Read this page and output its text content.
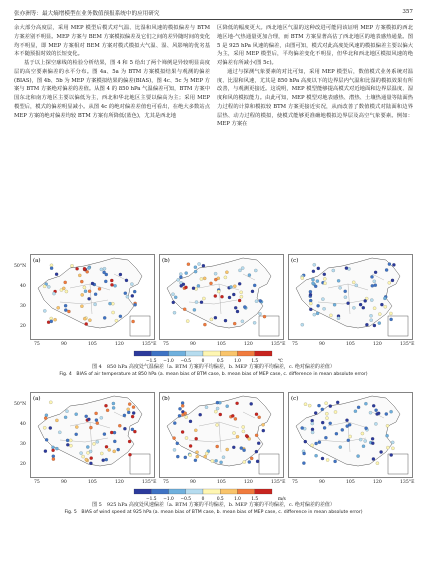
张亦洲等：最大熵增模型在业务数值预报系统中的应用研究	357

余大部分高度层，采用 MEP 模型后模式对气温、比湿和风速的模拟偏差与 BTM 方案差别不明显。MEP 方案与 BEM 方案模拟偏差及它们之间的差异随时间的变化均不明显，即 MEP 方案相对 BEM 方案对模式模拟大气温、湿、风影响的优劣基本不随预报时效的长短变化。

基于以上探空廓线的检验分析结果，图 4 和 5 给出了两个筛例是异较明显高度层的高空要素偏差的水平分布。图 4a、5a 为 BTM 方案模拟结果与观测的偏差(BIAS)，图 4b、5b 为 MEP 方案模拟结果的偏差(BIAS)，图 4c、5c 为 MEP 方案与 BTM 方案绝对偏差的差值。从图 4 的 850 hPa 气温偏差可知，BTM 方案中国东北和南方地区主要以偏低为主，西北和华北地区主要以偏高为主；采用 MEP 模型后，模式的偏差明显减小。从图 4c 的绝对偏差差值也可看出，在绝大多数站点 MEP 方案的绝对偏差均较 BTM 方案有所降低(蓝色)，尤其是西北地

区降低的幅度更大。西北地区气温的这种改进可能同该证明 MEP 方案模拟的西北地区地-气热通量更加合理，而 BTM 方案显著高估了西北地区的地表感热通量。图 5 是 925 hPa 风速的偏差，由图可知，模式对此高度处风速的模拟偏差主要以偏大为主，采用 MEP 模型后，平均偏差变化不明显，但华北和西北地区模拟风速的绝对偏差有所减小(图 5c)。

通过与探测气象要素的对比可知，采用 MEP 模型后，数值模式业务系统对温度、比湿和风速，尤其是 850 hPa 高度以下的边界层内气温和比湿的模拟效果有所改善，与观测更接近。这说明，MEP 模型能够提高模式对近地面和边界层温度、湿度和风的模拟能力。由此可知，MEP 模型对地表感热、潜热、土壤热通量等陆面热力过程的计算和模拟较 BTM 方案更接近实况，从而改善了数值模式对陆面和边界层热、动力过程的模拟，使模式能够更准确地模拟边界层及高空气象要素。例如：MEP 方案在

50°N
40
30
20
(a)	(b)	(c)
75	90	105	120	135°E 75	90	105	120	135°E 75	90	105	120	135°E
−1.5 −1.0 −0.5 0	0.5 1.0 1.5	℃
图 4　850 hPa 高度处气温偏差（a. BTM 方案的平均偏差，b. MEP 方案的平均偏差，c. 绝对偏差的差值）
Fig. 4　BIAS of air temperature at 850 hPa (a. mean bias of BTM case, b. mean bias of MEP case, c. difference in mean absolute error)
50°N
40
30
20
(a)	(b)	(c)
75	90	105	120	135°E 75	90	105	120	135°E 75	90	105	120	135°E
−1.5 −1.0 −0.5 0	0.5 1.0 1.5	m/s
图 5　925 hPa 高度处风速偏差（a. BTM 方案的平均偏差，b. MEP 方案的平均偏差，c. 绝对偏差的差值）
Fig. 5　BIAS of wind speed at 925 hPa (a. mean bias of BTM case, b. mean bias of MEP case, c. difference in mean absolute error)
